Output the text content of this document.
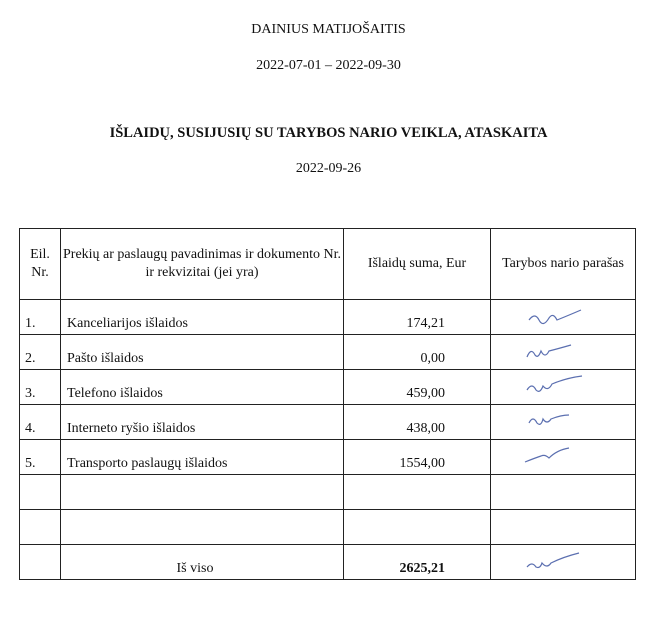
DAINIUS MATIJOŠAITIS
2022-07-01 – 2022-09-30
IŠLAIDŲ, SUSIJUSIŲ SU TARYBOS NARIO VEIKLA, ATASKAITA
2022-09-26
Eil. Nr.	Prekių ar paslaugų pavadinimas ir dokumento Nr. ir rekvizitai (jei yra)	Išlaidų suma, Eur	Tarybos nario parašas
1.	Kanceliarijos išlaidos	174,21	

2.	Pašto išlaidos	0,00	

3.	Telefono išlaidos	459,00	

4.	Interneto ryšio išlaidos	438,00	

5.	Transporto paslaugų išlaidos	1554,00	

	Iš viso	2625,21	
